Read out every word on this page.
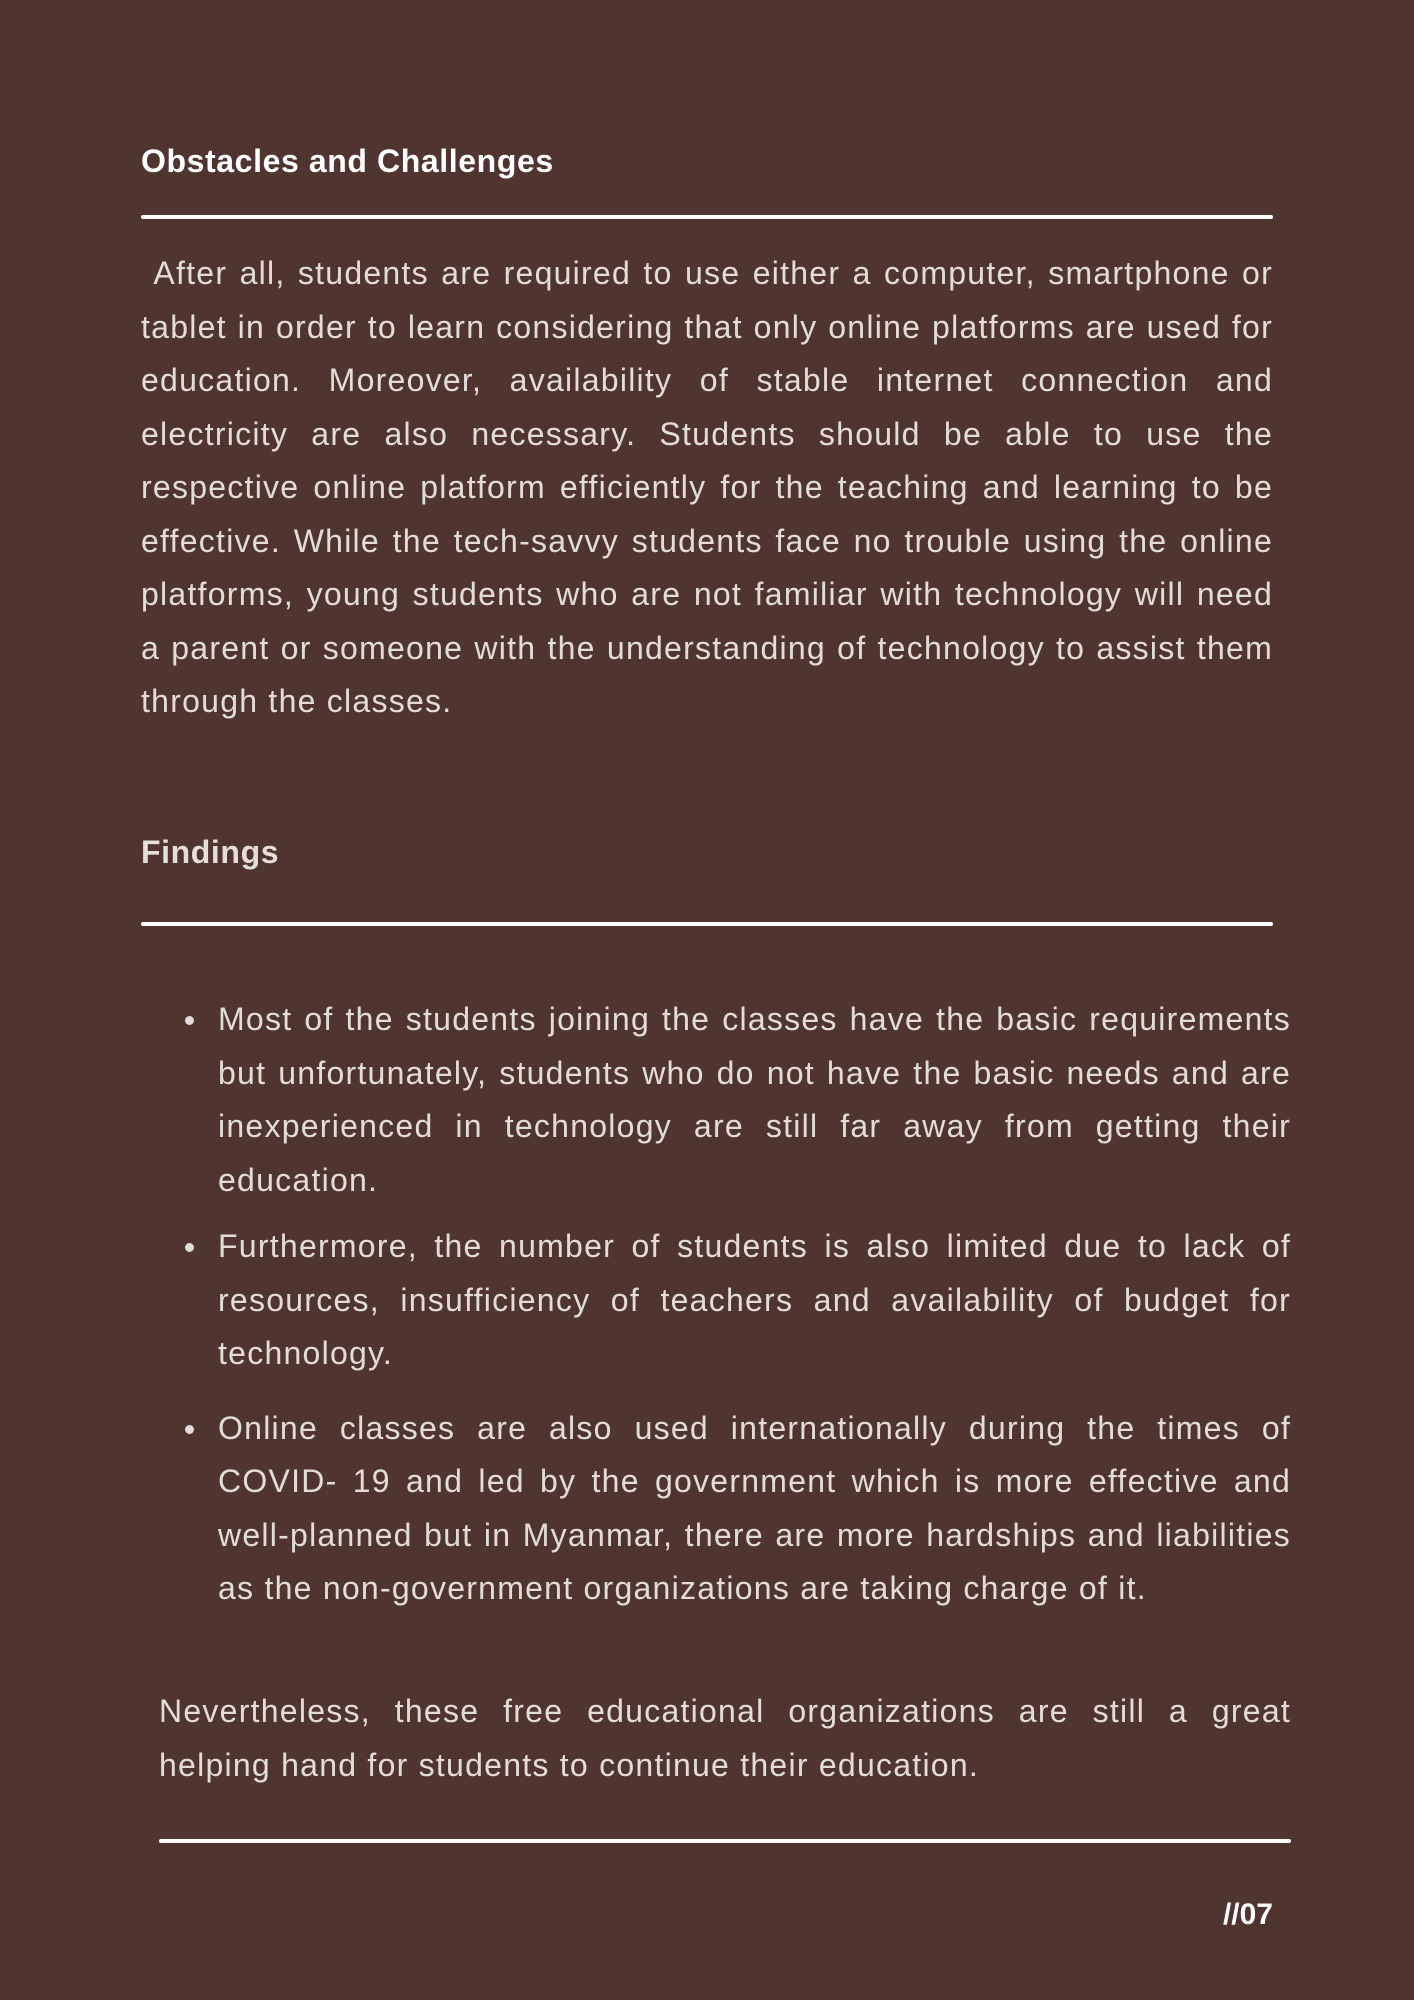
Obstacles and Challenges

After all, students are required to use either a computer, smartphone or tablet in order to learn considering that only online platforms are used for education. Moreover, availability of stable internet connection and electricity are also necessary. Students should be able to use the respective online platform efficiently for the teaching and learning to be effective. While the tech-savvy students face no trouble using the online platforms, young students who are not familiar with technology will need a parent or someone with the understanding of technology to assist them through the classes.

Findings
Most of the students joining the classes have the basic requirements but unfortunately, students who do not have the basic needs and are inexperienced in technology are still far away from getting their education.
Furthermore, the number of students is also limited due to lack of resources, insufficiency of teachers and availability of budget for technology.
Online classes are also used internationally during the times of COVID- 19 and led by the government which is more effective and well-planned but in Myanmar, there are more hardships and liabilities as the non-government organizations are taking charge of it.

Nevertheless, these free educational organizations are still a great helping hand for students to continue their education.

//07
